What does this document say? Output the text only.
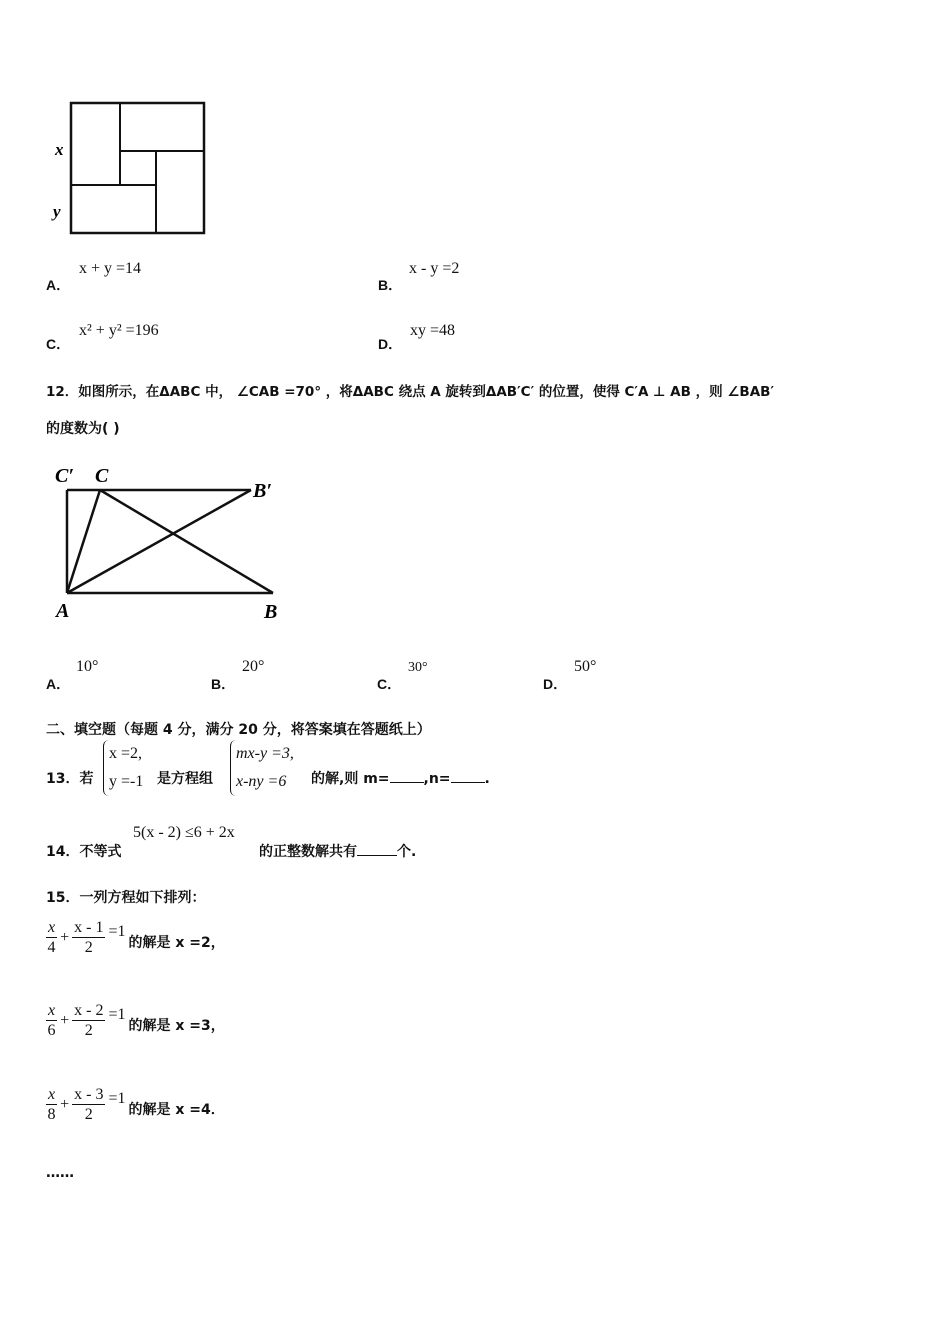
x
y
A．
x + y =14
B．
x - y =2
C．
x² + y² =196
D．
xy =48
12．如图所示，在ΔABC 中， ∠CAB =70° ，将ΔABC 绕点 A 旋转到ΔAB′C′ 的位置，使得 C′A ⊥ AB ，则 ∠BAB′
的度数为( )
C′ C
B′
A	B
A．
10°
B．
20°
C．
30°
D．
50°
二、填空题（每题 4 分，满分 20 分，将答案填在答题纸上）
13．若
x =2,
y =-1 是方程组
mx-y =3,
x-ny =6	的解,则 m= ,n= .
14．不等式
5(x - 2) ≤6 + 2x
的正整数解共有	个.
15．一列方程如下排列：
$\frac{x}{4} + \frac{x - 1}{2} =1$
的解是 x =2，
$\frac{x}{6} + \frac{x - 2}{2} =1$
的解是 x =3，
$\frac{x}{8} + \frac{x - 3}{2} =1$
的解是 x =4．
……
